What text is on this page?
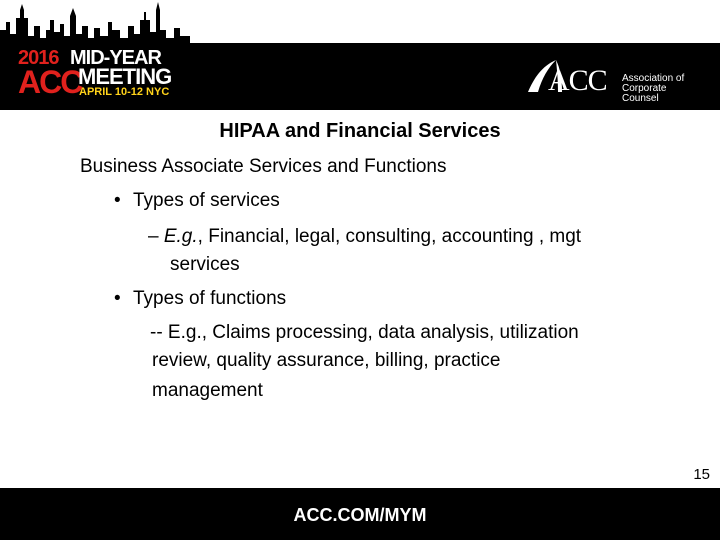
2016 MID-YEAR
ACC
MEETING
APRIL 10-12 NYC	ACC Association of
Corporate Counsel
HIPAA and Financial Services
Business Associate Services and Functions
• Types of services
– E.g., Financial, legal, consulting, accounting , mgt
services
• Types of functions
-- E.g., Claims processing, data analysis, utilization
review, quality assurance, billing, practice
management
15
ACC.COM/MYM
